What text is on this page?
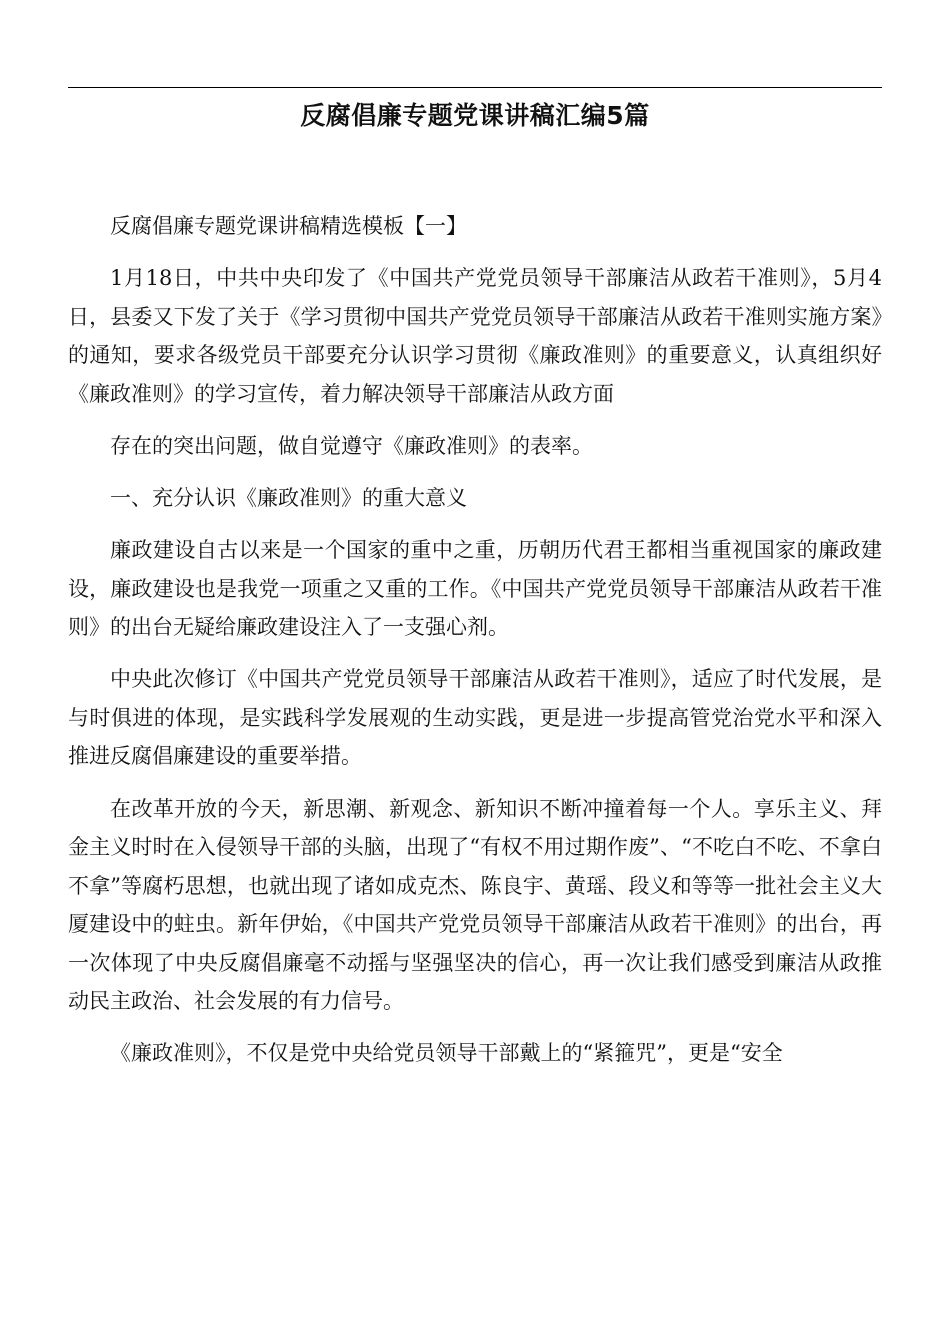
反腐倡廉专题党课讲稿汇编5篇

反腐倡廉专题党课讲稿精选模板【一】

1月18日，中共中央印发了《中国共产党党员领导干部廉洁从政若干准则》，5月4日，县委又下发了关于《学习贯彻中国共产党党员领导干部廉洁从政若干准则实施方案》的通知，要求各级党员干部要充分认识学习贯彻《廉政准则》的重要意义，认真组织好《廉政准则》的学习宣传，着力解决领导干部廉洁从政方面

存在的突出问题，做自觉遵守《廉政准则》的表率。

一、充分认识《廉政准则》的重大意义

廉政建设自古以来是一个国家的重中之重，历朝历代君王都相当重视国家的廉政建设，廉政建设也是我党一项重之又重的工作。《中国共产党党员领导干部廉洁从政若干准则》的出台无疑给廉政建设注入了一支强心剂。

中央此次修订《中国共产党党员领导干部廉洁从政若干准则》，适应了时代发展，是与时俱进的体现，是实践科学发展观的生动实践，更是进一步提高管党治党水平和深入推进反腐倡廉建设的重要举措。

在改革开放的今天，新思潮、新观念、新知识不断冲撞着每一个人。享乐主义、拜金主义时时在入侵领导干部的头脑，出现了“有权不用过期作废”、“不吃白不吃、不拿白不拿”等腐朽思想，也就出现了诸如成克杰、陈良宇、黄瑶、段义和等等一批社会主义大厦建设中的蛀虫。新年伊始，《中国共产党党员领导干部廉洁从政若干准则》的出台，再一次体现了中央反腐倡廉毫不动摇与坚强坚决的信心，再一次让我们感受到廉洁从政推动民主政治、社会发展的有力信号。

《廉政准则》，不仅是党中央给党员领导干部戴上的“紧箍咒”，更是“安全
